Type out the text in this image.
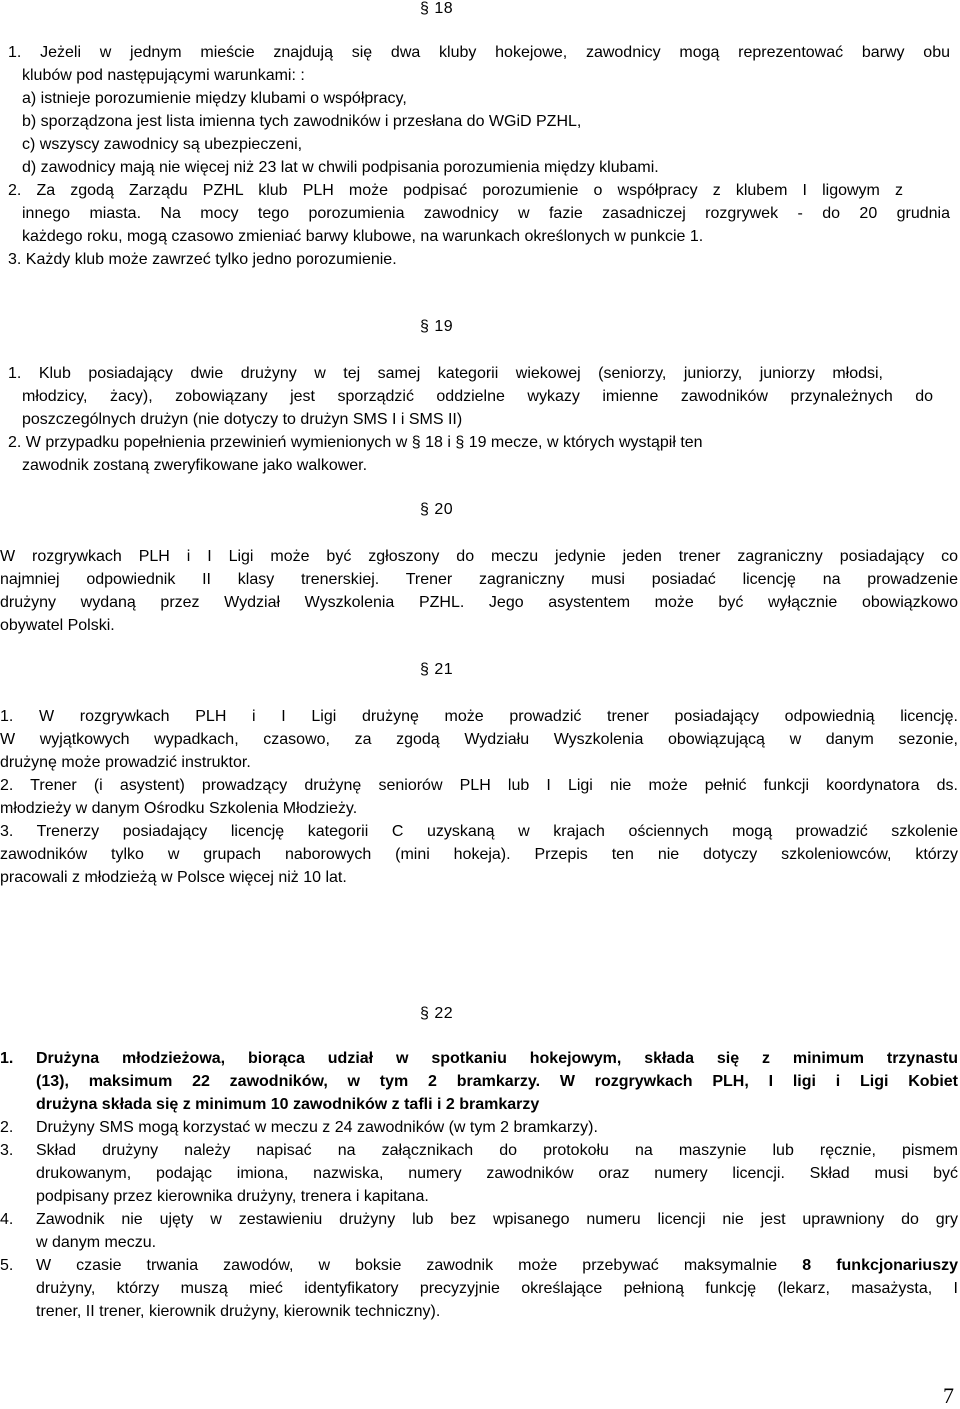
§ 18
1. Jeżeli w jednym mieście znajdują się dwa kluby hokejowe, zawodnicy mogą reprezentować barwy obu
klubów pod następującymi warunkami: :
a) istnieje porozumienie między klubami o współpracy,
b) sporządzona jest lista imienna tych zawodników i przesłana do WGiD PZHL,
c) wszyscy zawodnicy są ubezpieczeni,
d) zawodnicy mają nie więcej niż 23 lat w chwili podpisania porozumienia między klubami.
2. Za zgodą Zarządu PZHL klub PLH może podpisać porozumienie o współpracy z klubem I ligowym z
innego miasta. Na mocy tego porozumienia zawodnicy w fazie zasadniczej rozgrywek - do 20 grudnia
każdego roku, mogą czasowo zmieniać barwy klubowe, na warunkach określonych w punkcie 1.
3. Każdy klub może zawrzeć tylko jedno porozumienie.
§ 19
1. Klub posiadający dwie drużyny w tej samej kategorii wiekowej (seniorzy, juniorzy, juniorzy młodsi,
młodzicy, żacy), zobowiązany jest sporządzić oddzielne wykazy imienne zawodników przynależnych do
poszczególnych drużyn (nie dotyczy to drużyn SMS I i SMS II)
2. W przypadku popełnienia przewinień wymienionych w § 18 i § 19 mecze, w których wystąpił ten
zawodnik zostaną zweryfikowane jako walkower.
§ 20
W rozgrywkach PLH i I Ligi może być zgłoszony do meczu jedynie jeden trener zagraniczny posiadający co
najmniej odpowiednik II klasy trenerskiej. Trener zagraniczny musi posiadać licencję na prowadzenie
drużyny wydaną przez Wydział Wyszkolenia PZHL. Jego asystentem może być wyłącznie obowiązkowo
obywatel Polski.
§ 21
1. W rozgrywkach PLH i I Ligi drużynę może prowadzić trener posiadający odpowiednią licencję.
W wyjątkowych wypadkach, czasowo, za zgodą Wydziału Wyszkolenia obowiązującą w danym sezonie,
drużynę może prowadzić instruktor.
2. Trener (i asystent) prowadzący drużynę seniorów PLH lub I Ligi nie może pełnić funkcji koordynatora ds.
młodzieży w danym Ośrodku Szkolenia Młodzieży.
3. Trenerzy posiadający licencję kategorii C uzyskaną w krajach ościennych mogą prowadzić szkolenie
zawodników tylko w grupach naborowych (mini hokeja). Przepis ten nie dotyczy szkoleniowców, którzy
pracowali z młodzieżą w Polsce więcej niż 10 lat.
§ 22
1. Drużyna młodzieżowa, biorąca udział w spotkaniu hokejowym, składa się z minimum trzynastu
(13), maksimum 22 zawodników, w tym 2 bramkarzy. W rozgrywkach PLH, I ligi i Ligi Kobiet
drużyna składa się z minimum 10 zawodników z tafli i 2 bramkarzy
2. Drużyny SMS mogą korzystać w meczu z 24 zawodników (w tym 2 bramkarzy).
3. Skład drużyny należy napisać na załącznikach do protokołu na maszynie lub ręcznie, pismem
drukowanym, podając imiona, nazwiska, numery zawodników oraz numery licencji. Skład musi być
podpisany przez kierownika drużyny, trenera i kapitana.
4. Zawodnik nie ujęty w zestawieniu drużyny lub bez wpisanego numeru licencji nie jest uprawniony do gry
w danym meczu.
5. W czasie trwania zawodów, w boksie zawodnik może przebywać maksymalnie 8 funkcjonariuszy
drużyny, którzy muszą mieć identyfikatory precyzyjnie określające pełnioną funkcję (lekarz, masażysta, I
trener, II trener, kierownik drużyny, kierownik techniczny).
7
